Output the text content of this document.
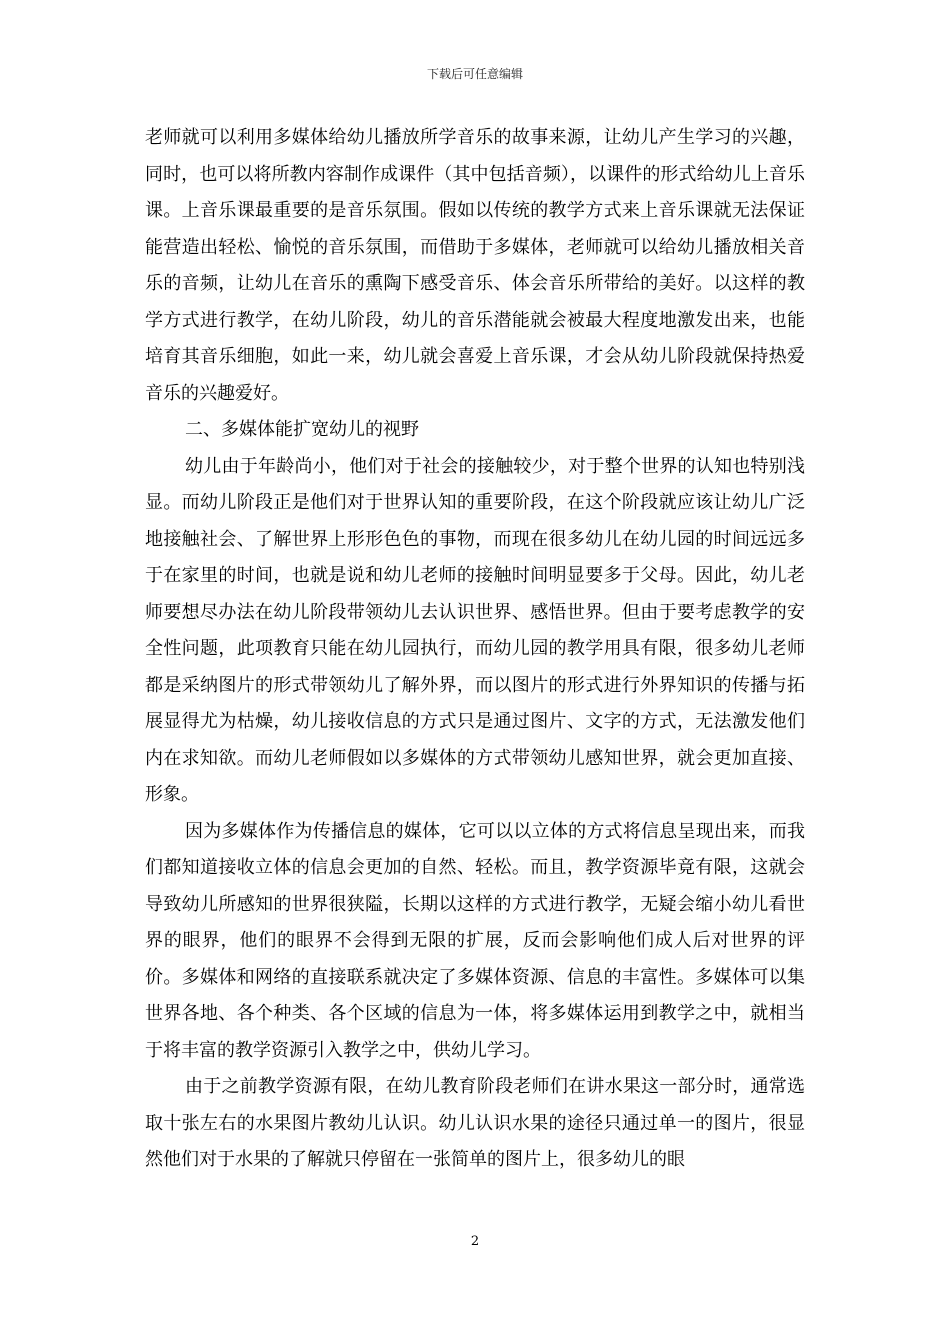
下载后可任意编辑

老师就可以利用多媒体给幼儿播放所学音乐的故事来源，让幼儿产生学习的兴趣，同时，也可以将所教内容制作成课件（其中包括音频），以课件的形式给幼儿上音乐课。上音乐课最重要的是音乐氛围。假如以传统的教学方式来上音乐课就无法保证能营造出轻松、愉悦的音乐氛围，而借助于多媒体，老师就可以给幼儿播放相关音乐的音频，让幼儿在音乐的熏陶下感受音乐、体会音乐所带给的美好。以这样的教学方式进行教学，在幼儿阶段，幼儿的音乐潜能就会被最大程度地激发出来，也能培育其音乐细胞，如此一来，幼儿就会喜爱上音乐课，才会从幼儿阶段就保持热爱音乐的兴趣爱好。

二、多媒体能扩宽幼儿的视野

幼儿由于年龄尚小，他们对于社会的接触较少，对于整个世界的认知也特别浅显。而幼儿阶段正是他们对于世界认知的重要阶段，在这个阶段就应该让幼儿广泛地接触社会、了解世界上形形色色的事物，而现在很多幼儿在幼儿园的时间远远多于在家里的时间，也就是说和幼儿老师的接触时间明显要多于父母。因此，幼儿老师要想尽办法在幼儿阶段带领幼儿去认识世界、感悟世界。但由于要考虑教学的安全性问题，此项教育只能在幼儿园执行，而幼儿园的教学用具有限，很多幼儿老师都是采纳图片的形式带领幼儿了解外界，而以图片的形式进行外界知识的传播与拓展显得尤为枯燥，幼儿接收信息的方式只是通过图片、文字的方式，无法激发他们内在求知欲。而幼儿老师假如以多媒体的方式带领幼儿感知世界，就会更加直接、形象。

因为多媒体作为传播信息的媒体，它可以以立体的方式将信息呈现出来，而我们都知道接收立体的信息会更加的自然、轻松。而且，教学资源毕竟有限，这就会导致幼儿所感知的世界很狭隘，长期以这样的方式进行教学，无疑会缩小幼儿看世界的眼界，他们的眼界不会得到无限的扩展，反而会影响他们成人后对世界的评价。多媒体和网络的直接联系就决定了多媒体资源、信息的丰富性。多媒体可以集世界各地、各个种类、各个区域的信息为一体，将多媒体运用到教学之中，就相当于将丰富的教学资源引入教学之中，供幼儿学习。

由于之前教学资源有限，在幼儿教育阶段老师们在讲水果这一部分时，通常选取十张左右的水果图片教幼儿认识。幼儿认识水果的途径只通过单一的图片，很显然他们对于水果的了解就只停留在一张简单的图片上，很多幼儿的眼

2
